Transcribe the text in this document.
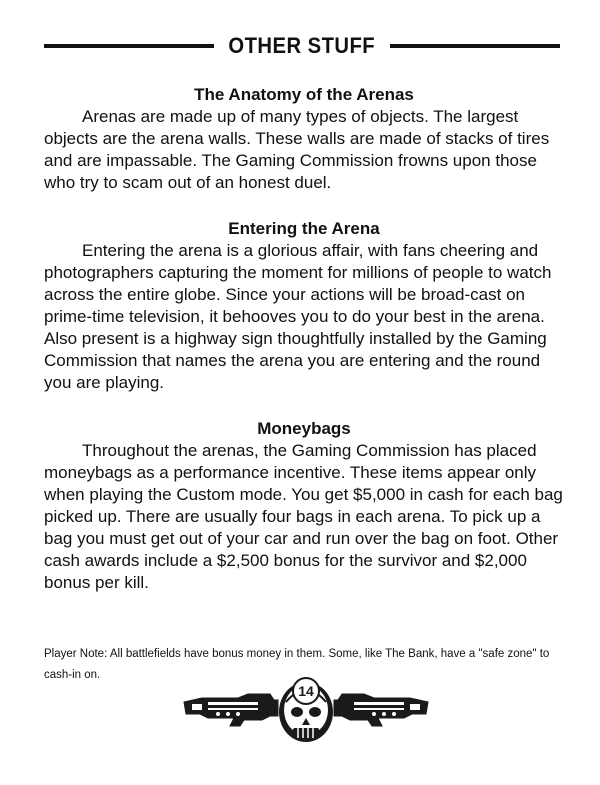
OTHER STUFF
The Anatomy of the Arenas

Arenas are made up of many types of objects. The largest objects are the arena walls. These walls are made of stacks of tires and are impassable. The Gaming Commission frowns upon those who try to scam out of an honest duel.

Entering the Arena

Entering the arena is a glorious affair, with fans cheering and photographers capturing the moment for millions of people to watch across the entire globe. Since your actions will be broad-cast on prime-time television, it behooves you to do your best in the arena. Also present is a highway sign thoughtfully installed by the Gaming Commission that names the arena you are entering and the round you are playing.

Moneybags

Throughout the arenas, the Gaming Commission has placed moneybags as a performance incentive. These items appear only when playing the Custom mode. You get $5,000 in cash for each bag picked up. There are usually four bags in each arena. To pick up a bag you must get out of your car and run over the bag on foot. Other cash awards include a $2,500 bonus for the survivor and $2,000 bonus per kill.

Player Note: All battlefields have bonus money in them. Some, like The Bank, have a "safe zone" to cash-in on.

14
